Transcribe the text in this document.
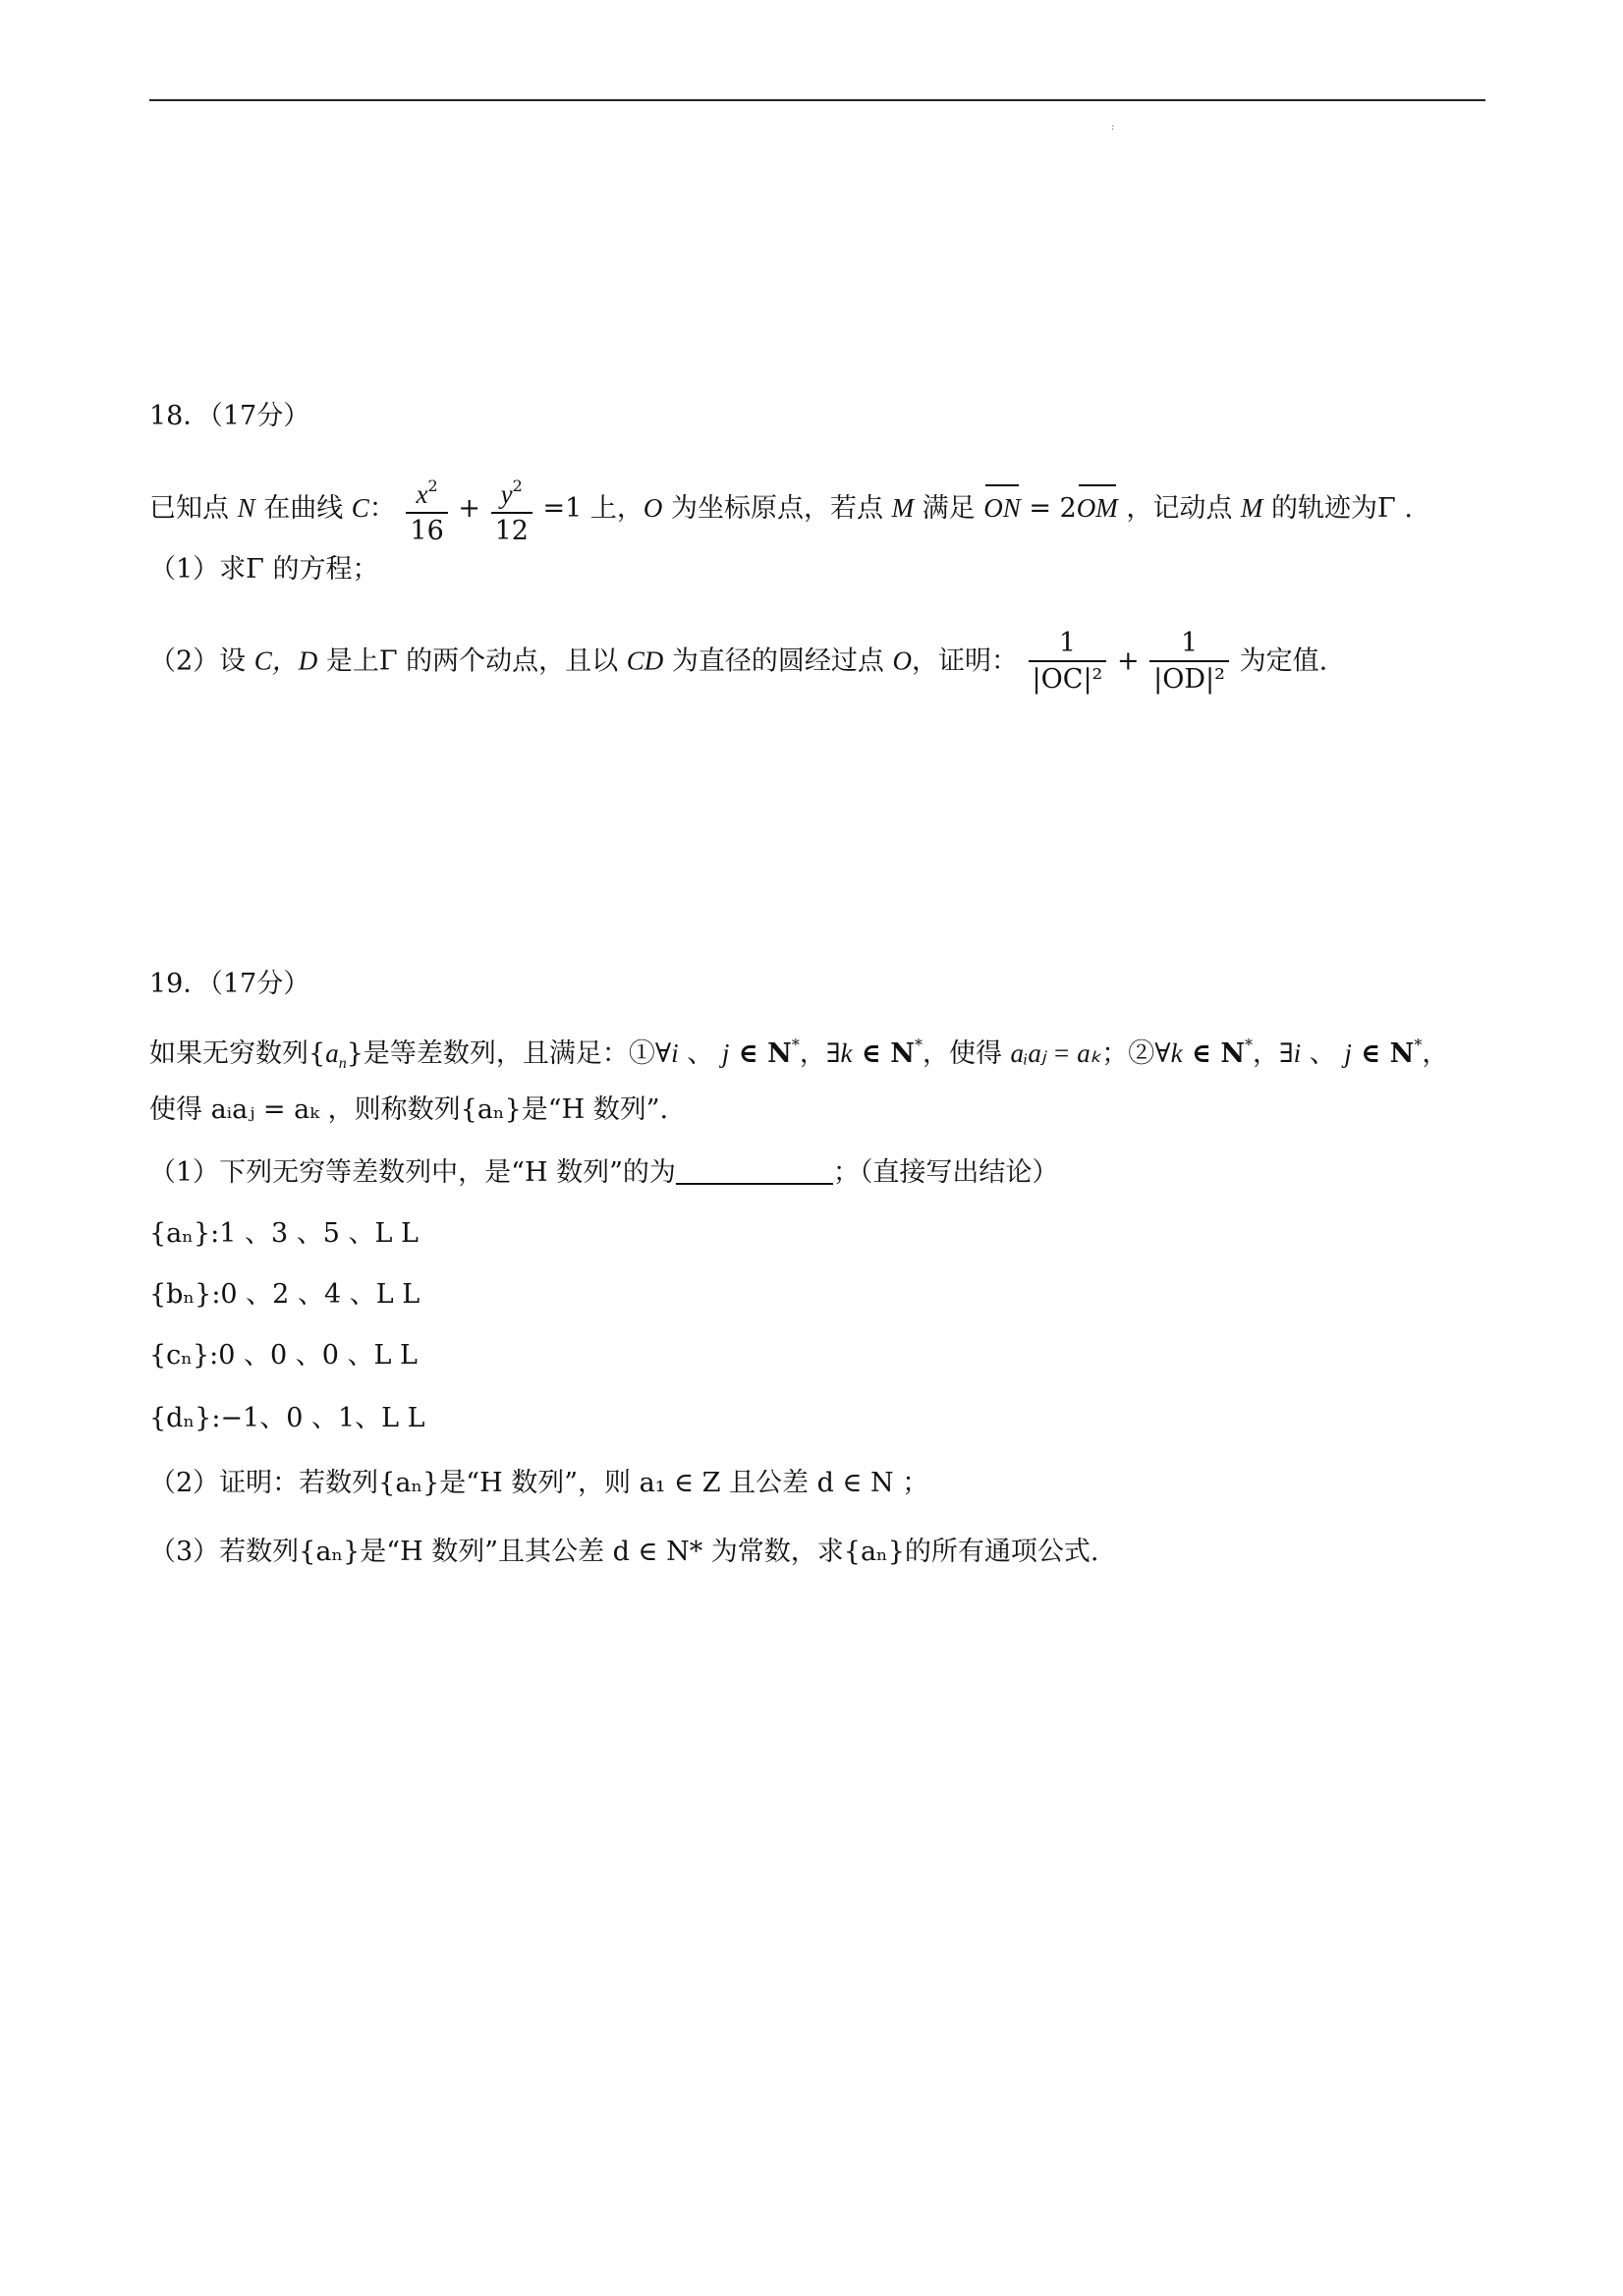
:
18．（17分）
已知点 N 在曲线 C： $\frac{x^2}{16} + \frac{y^2}{12} =1$ 上，O 为坐标原点，若点 M 满足 ON = 2OM ，记动点 M 的轨迹为Γ .
（1）求Γ 的方程；
（2）设 C，D 是上Γ 的两个动点，且以 CD 为直径的圆经过点 O，证明： $\frac{1}{\text{|OC|²}} + \frac{1}{\text{|OD|²}}$ 为定值.
19．（17分）
如果无穷数列$\{a_n\}$是等差数列，且满足：①∀i 、 j ∈ N*，∃k ∈ N*，使得 aᵢaⱼ = aₖ；②∀k ∈ N*，∃i 、 j ∈ N*，
使得 aᵢaⱼ = aₖ ，则称数列{aₙ}是“H 数列”.
（1）下列无穷等差数列中，是“H 数列”的为	；（直接写出结论）
{aₙ}:1 、3 、5 、L L
{bₙ}:0 、2 、4 、L L
{cₙ}:0 、0 、0 、L L
{dₙ}:−1、0 、1、L L
（2）证明：若数列{aₙ}是“H 数列”，则 a₁ ∈ Z 且公差 d ∈ N ；
（3）若数列{aₙ}是“H 数列”且其公差 d ∈ N* 为常数，求{aₙ}的所有通项公式.
